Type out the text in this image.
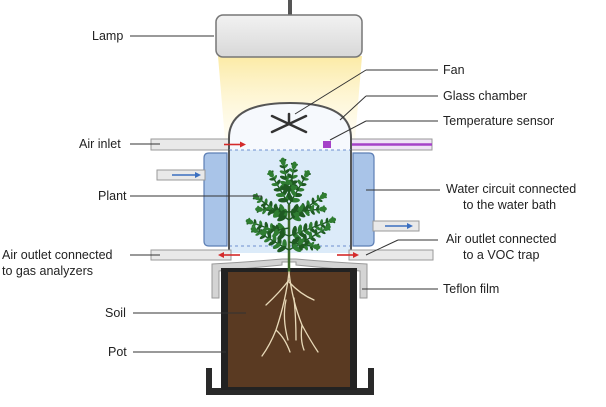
Lamp
Air inlet
Plant
Air outlet connected
to gas analyzers
Soil
Pot
Fan
Glass chamber
Temperature sensor
Water circuit connected
to the water bath
Air outlet connected
to a VOC trap
Teflon film
